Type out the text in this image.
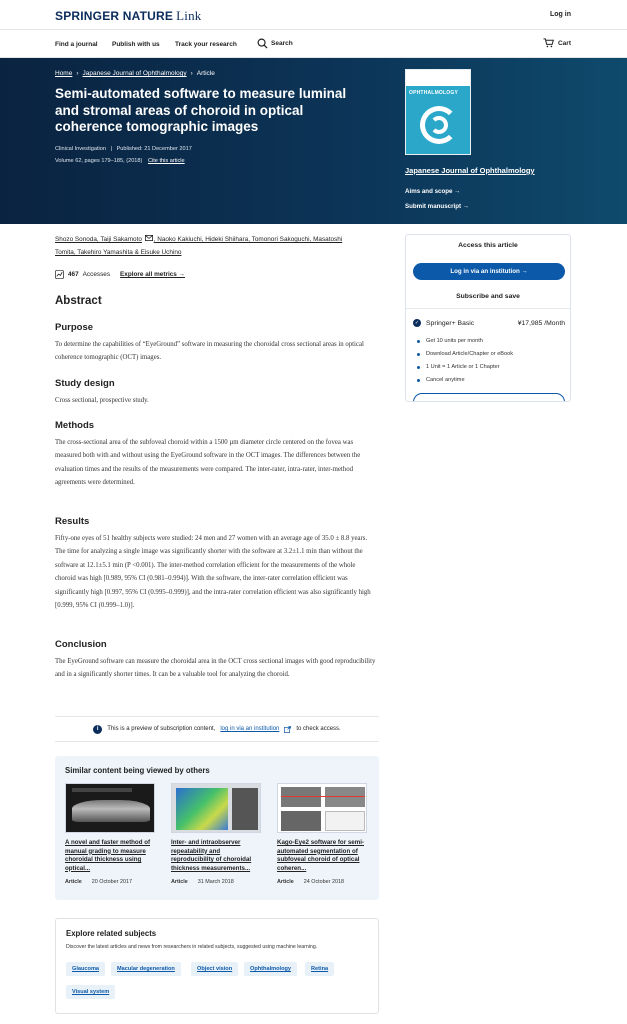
SPRINGER NATURE Link	Log in
Find a journal Publish with us Track your research	Search	Cart
Home › Japanese Journal of Ophthalmology › Article
Semi-automated software to measure luminal and stromal areas of choroid in optical coherence tomographic images
Clinical Investigation | Published: 21 December 2017
Volume 62, pages 179–185, (2018) Cite this article
OPHTHALMOLOGY
Japanese Journal of Ophthalmology
Aims and scope →
Submit manuscript →
Shozo Sonoda, Taiji Sakamoto , Naoko Kakiuchi, Hideki Shiihara, Tomonori Sakoguchi, Masatoshi
Tomita, Takehiro Yamashita & Eisuke Uchino
467 Accesses Explore all metrics →
Abstract
Purpose

To determine the capabilities of “EyeGround” software in measuring the choroidal cross sectional areas in optical coherence tomographic (OCT) images.

Study design

Cross sectional, prospective study.

Methods

The cross-sectional area of the subfoveal choroid within a 1500 µm diameter circle centered on the fovea was measured both with and without using the EyeGround software in the OCT images. The differences between the evaluation times and the results of the measurements were compared. The inter-rater, intra-rater, inter-method agreements were determined.

Results

Fifty-one eyes of 51 healthy subjects were studied: 24 men and 27 women with an average age of 35.0 ± 8.8 years. The time for analyzing a single image was significantly shorter with the software at 3.2±1.1 min than without the software at 12.1±5.1 min (P <0.001). The inter-method correlation efficient for the measurements of the whole choroid was high [0.989, 95% CI (0.981–0.994)]. With the software, the inter-rater correlation efficient was significantly high [0.997, 95% CI (0.995–0.999)], and the intra-rater correlation efficient was also significantly high [0.999, 95% CI (0.999–1.0)].

Conclusion

The EyeGround software can measure the choroidal area in the OCT cross sectional images with good reproducibility and in a significantly shorter times. It can be a valuable tool for analyzing the choroid.

i	This is a preview of subscription content, log in via an institution	to check access.
Similar content being viewed by others
A novel and faster method of manual grading to measure choroidal thickness using optical...
Article 20 October 2017
Inter- and intraobserver repeatability and reproducibility of choroidal thickness measurements...
Article 31 March 2018
Kago-Eye2 software for semi-automated segmentation of subfoveal choroid of optical coheren...
Article 24 October 2018
Explore related subjects
Discover the latest articles and news from researchers in related subjects, suggested using machine learning.
Glaucoma	Macular degeneration	Object vision	Ophthalmology	Retina
Visual system
Access this article
Log in via an institution →
Subscribe and save
✓ Springer+ Basic	¥17,985 /Month
Get 10 units per month
Download Article/Chapter or eBook
1 Unit = 1 Article or 1 Chapter
Cancel anytime
